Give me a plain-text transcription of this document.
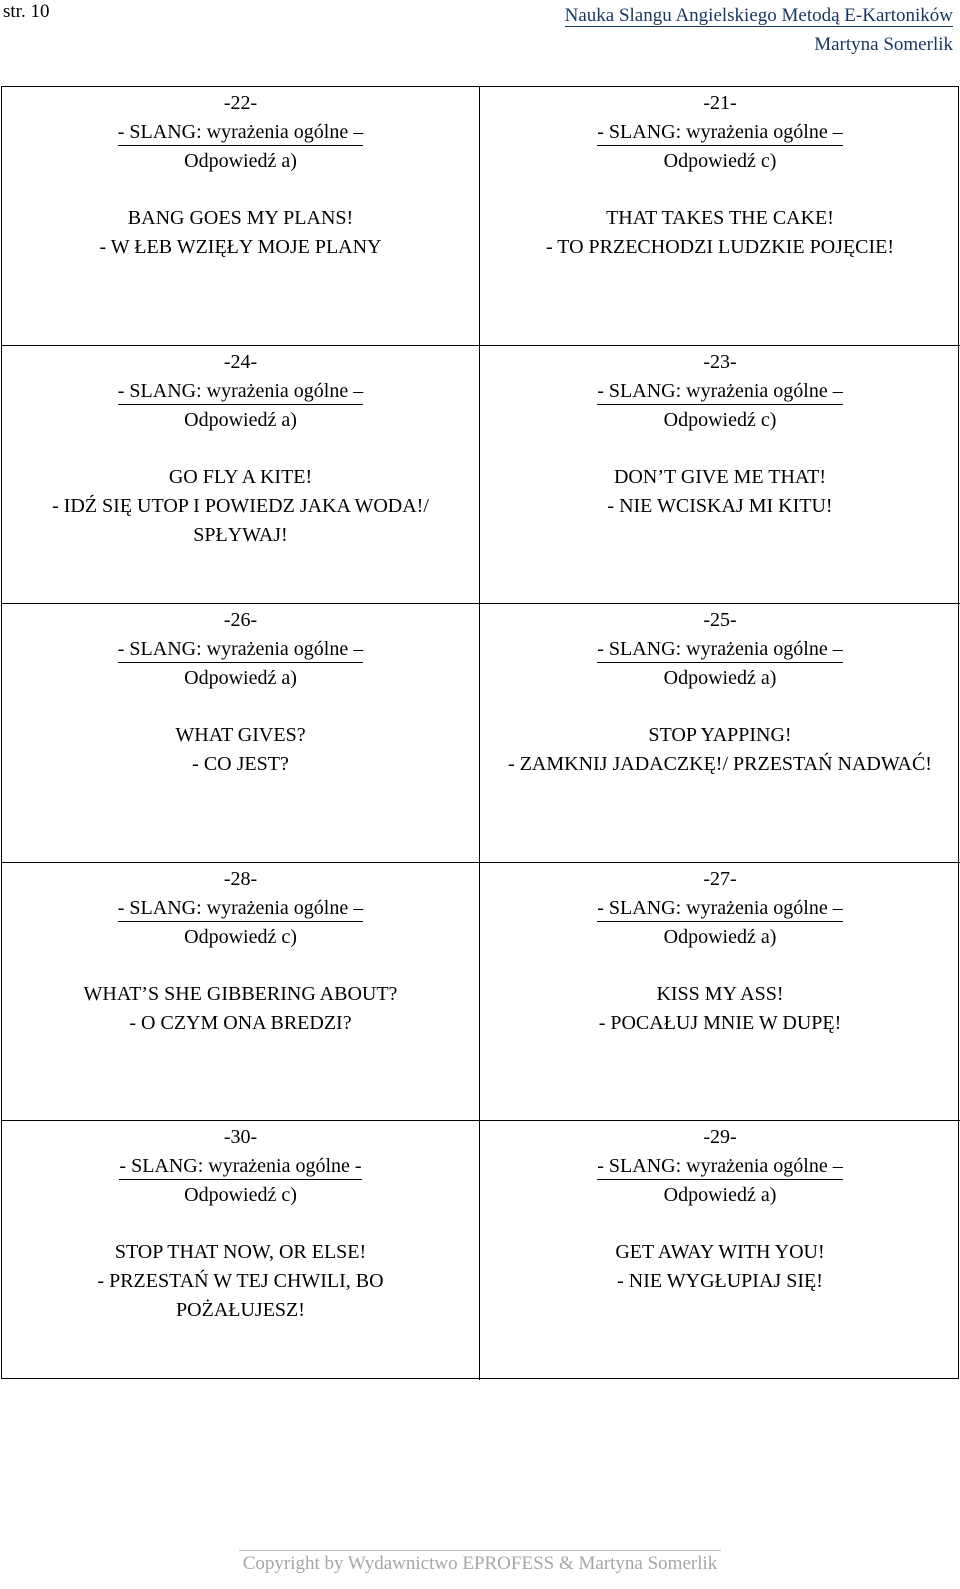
str. 10	Nauka Slangu Angielskiego Metodą E-Kartoników
Martyna Somerlik
-22-
- SLANG: wyrażenia ogólne –
Odpowiedź a)
BANG GOES MY PLANS!
- W ŁEB WZIĘŁY MOJE PLANY
-21-
- SLANG: wyrażenia ogólne –
Odpowiedź c)
THAT TAKES THE CAKE!
- TO PRZECHODZI LUDZKIE POJĘCIE!
-24-
- SLANG: wyrażenia ogólne –
Odpowiedź a)
GO FLY A KITE!
- IDŹ SIĘ UTOP I POWIEDZ JAKA WODA!/ SPŁYWAJ!
-23-
- SLANG: wyrażenia ogólne –
Odpowiedź c)
DON’T GIVE ME THAT!
- NIE WCISKAJ MI KITU!
-26-
- SLANG: wyrażenia ogólne –
Odpowiedź a)
WHAT GIVES?
- CO JEST?
-25-
- SLANG: wyrażenia ogólne –
Odpowiedź a)
STOP YAPPING!
- ZAMKNIJ JADACZKĘ!/ PRZESTAŃ NADWAĆ!
-28-
- SLANG: wyrażenia ogólne –
Odpowiedź c)
WHAT’S SHE GIBBERING ABOUT?
- O CZYM ONA BREDZI?
-27-
- SLANG: wyrażenia ogólne –
Odpowiedź a)
KISS MY ASS!
- POCAŁUJ MNIE W DUPĘ!
-30-
- SLANG: wyrażenia ogólne -
Odpowiedź c)
STOP THAT NOW, OR ELSE!
- PRZESTAŃ W TEJ CHWILI, BO POŻAŁUJESZ!
-29-
- SLANG: wyrażenia ogólne –
Odpowiedź a)
GET AWAY WITH YOU!
- NIE WYGŁUPIAJ SIĘ!
Copyright by Wydawnictwo EPROFESS & Martyna Somerlik
